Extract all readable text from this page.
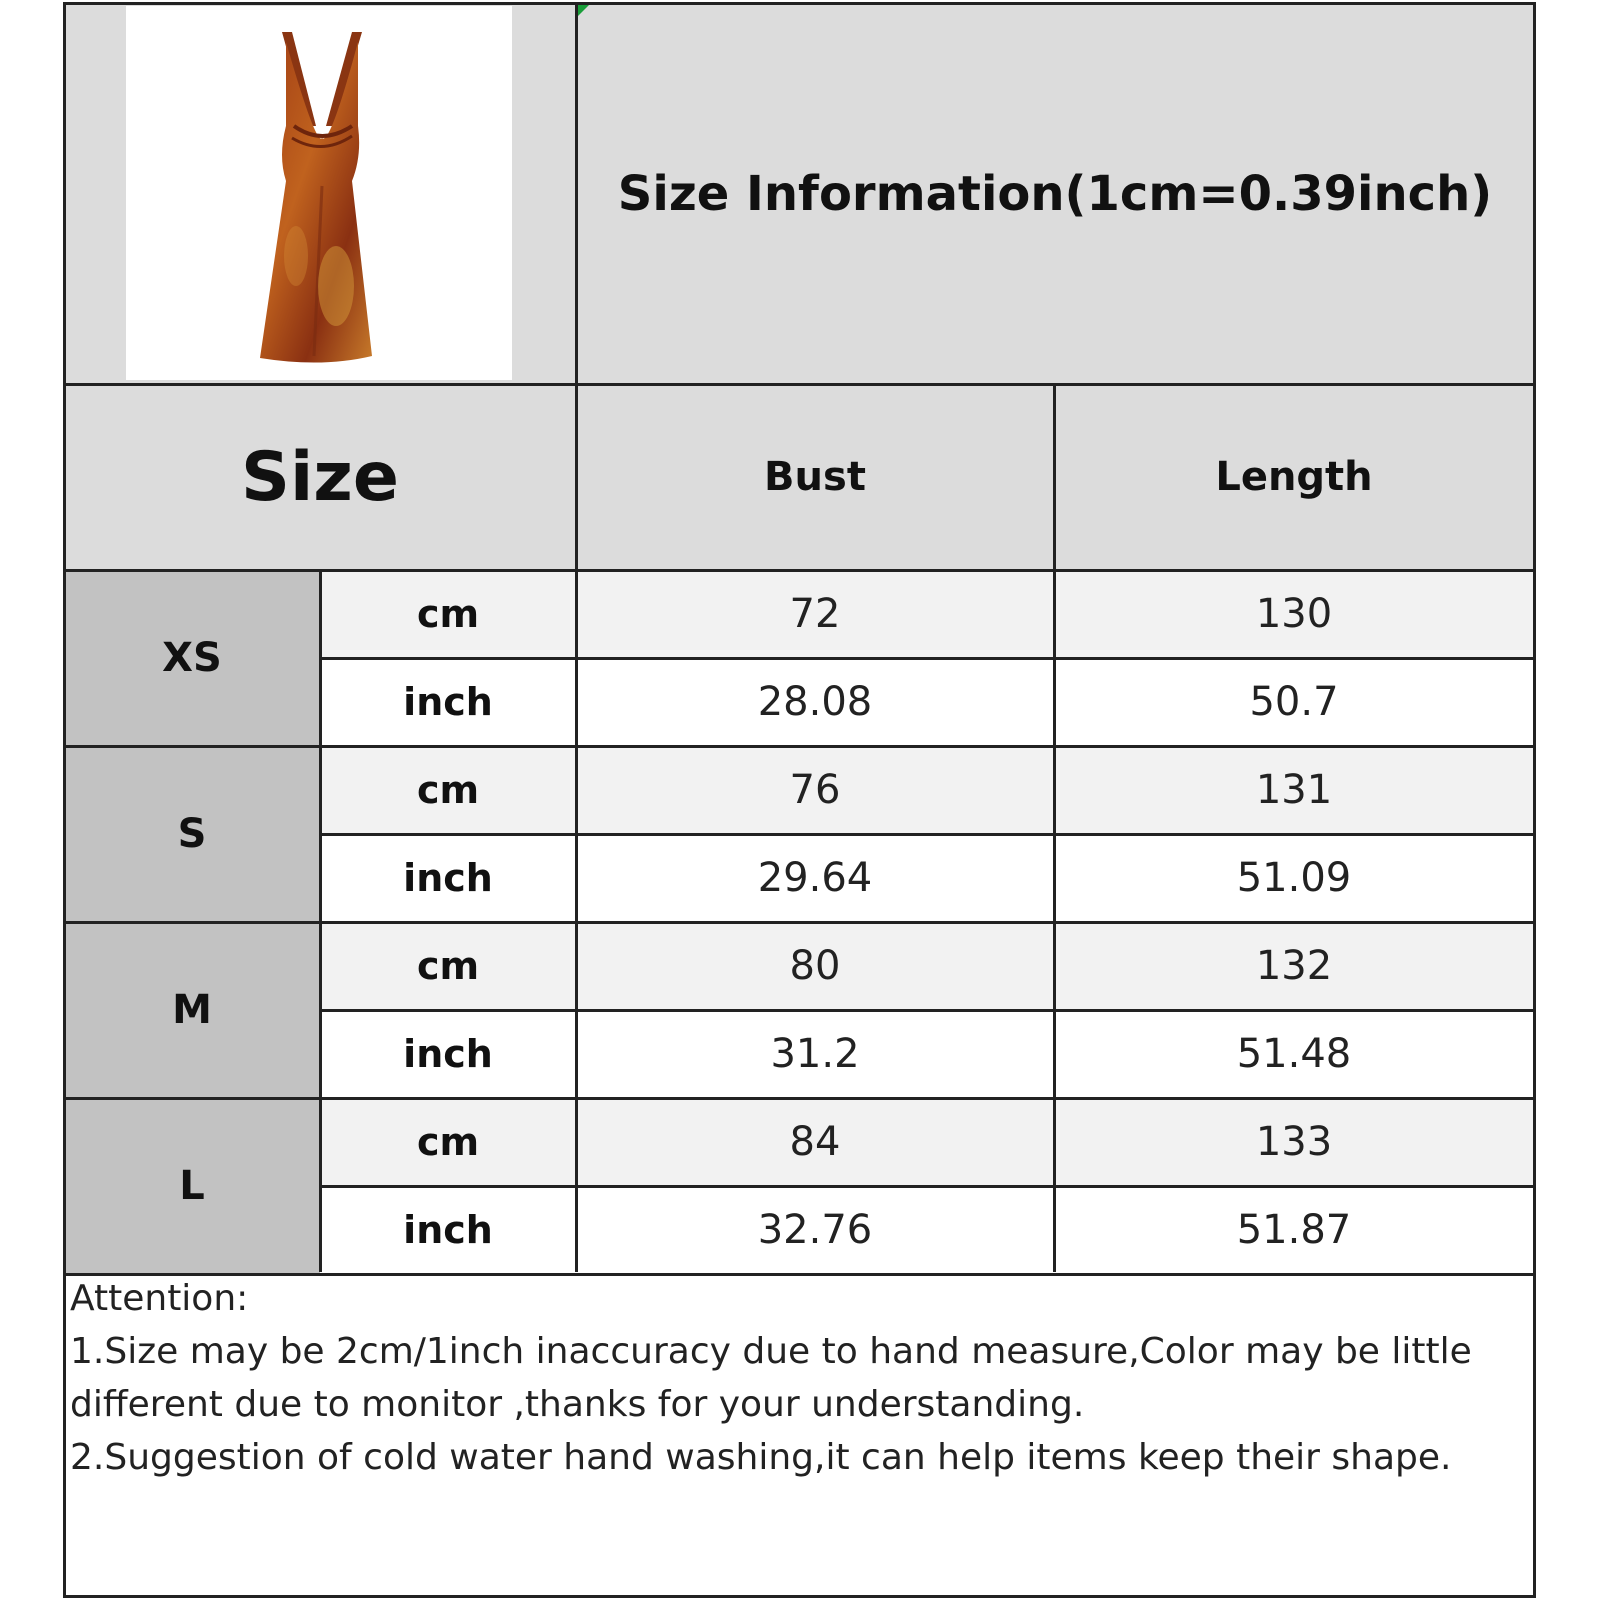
Size Information(1cm=0.39inch)
Size	Bust	Length
XS
cm	72	130
inch	28.08	50.7
S
cm	76	131
inch	29.64	51.09
M
cm	80	132
inch	31.2	51.48
L
cm	84	133
inch	32.76	51.87
Attention:
1.Size may be 2cm/1inch inaccuracy due to hand measure,Color may be little
different due to monitor ,thanks for your understanding.
2.Suggestion of cold water hand washing,it can help items keep their shape.
